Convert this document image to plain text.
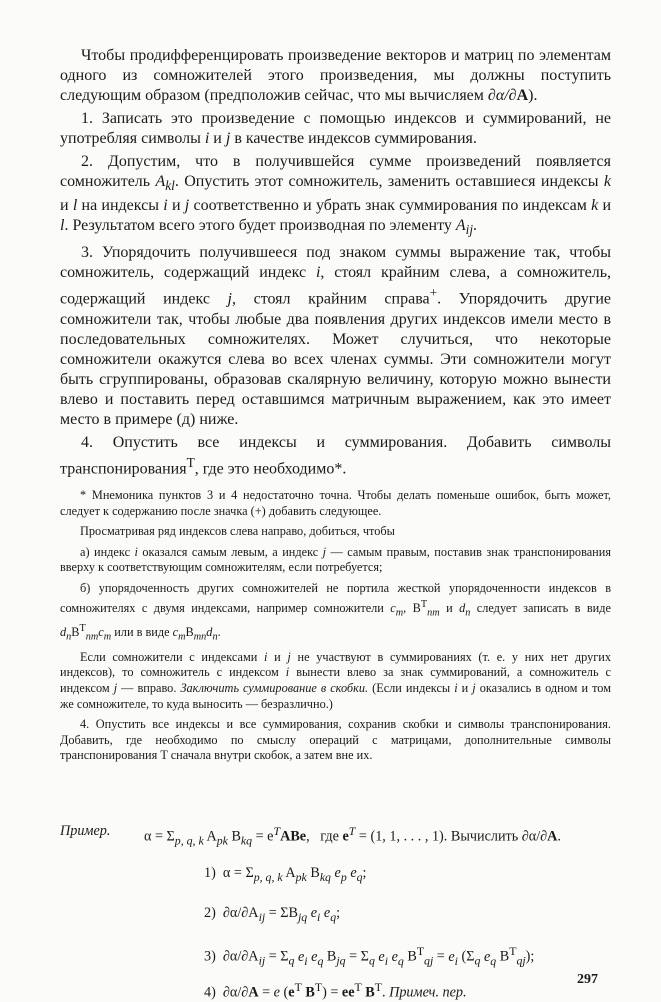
Чтобы продифференцировать произведение векторов и матриц по элементам одного из сомножителей этого произведения, мы должны поступить следующим образом (предположив сейчас, что мы вычисляем ∂α/∂A).

1. Записать это произведение с помощью индексов и суммирований, не употребляя символы i и j в качестве индексов суммирования.

2. Допустим, что в получившейся сумме произведений появляется сомножитель $A_{kl}$. Опустить этот сомножитель, заменить оставшиеся индексы k и l на индексы i и j соответственно и убрать знак суммирования по индексам k и l. Результатом всего этого будет производная по элементу $A_{ij}$.

3. Упорядочить получившееся под знаком суммы выражение так, чтобы сомножитель, содержащий индекс i, стоял крайним слева, а сомножитель, содержащий индекс j, стоял крайним справа+. Упорядочить другие сомножители так, чтобы любые два появления других индексов имели место в последовательных сомножителях. Может случиться, что некоторые сомножители окажутся слева во всех членах суммы. Эти сомножители могут быть сгруппированы, образовав скалярную величину, которую можно вынести влево и поставить перед оставшимся матричным выражением, как это имеет место в примере (д) ниже.

4. Опустить все индексы и суммирования. Добавить символы транспонирования$^T$, где это необходимо*.

* Мнемоника пунктов 3 и 4 недостаточно точна. Чтобы делать поменьше ошибок, быть может, следует к содержанию после значка (+) добавить следующее.

Просматривая ряд индексов слева направо, добиться, чтобы

а) индекс i оказался самым левым, а индекс j — самым правым, поставив знак транспонирования вверху к соответствующим сомножителям, если потребуется;

б) упорядоченность других сомножителей не портила жесткой упорядоченности индексов в сомножителях с двумя индексами, например сомножители $c_m$, $B^T_{nm}$ и $d_n$ следует записать в виде $d_nB^T_{nm}c_m$ или в виде $c_mB_{mn}d_n$.

Если сомножители с индексами i и j не участвуют в суммированиях (т. е. у них нет других индексов), то сомножитель с индексом i вынести влево за знак суммирований, а сомножитель с индексом j — вправо. Заключить суммирование в скобки. (Если индексы i и j оказались в одном и том же сомножителе, то куда выносить — безразлично.)

4. Опустить все индексы и все суммирования, сохранив скобки и символы транспонирования. Добавить, где необходимо по смыслу операций с матрицами, дополнительные символы транспонирования T сначала внутри скобок, а затем вне их.

Пример. $\alpha = \Sigma_{p, q, k}$ $A_{pk}$ $B_{kq} = e^TABe$,   где $e^T = (1$, 1, . . . , 1). Вычислить ∂α/∂A.
1)  $\alpha = \Sigma_{p, q, k}$ $A_{pk}$ $B_{kq}$ $e_p$ $e_q$;
2)  $\partial\alpha/\partial A_{ij} = \Sigma B_{jq}$ $e_i$ $e_q$;
3)  $\partial\alpha/\partial A_{ij} = \Sigma_q$ $e_i$ $e_q$ $B_{jq} = \Sigma_q$ $e_i$ $e_q$ $B^T_{qj} = e_i$ ($\Sigma_q$ $e_q$ $B^T_{qj}$);
4)  ∂α/∂A = e ($e^T$ $B^T) = ee^T$ $B^T$. Примеч. пер.
297
